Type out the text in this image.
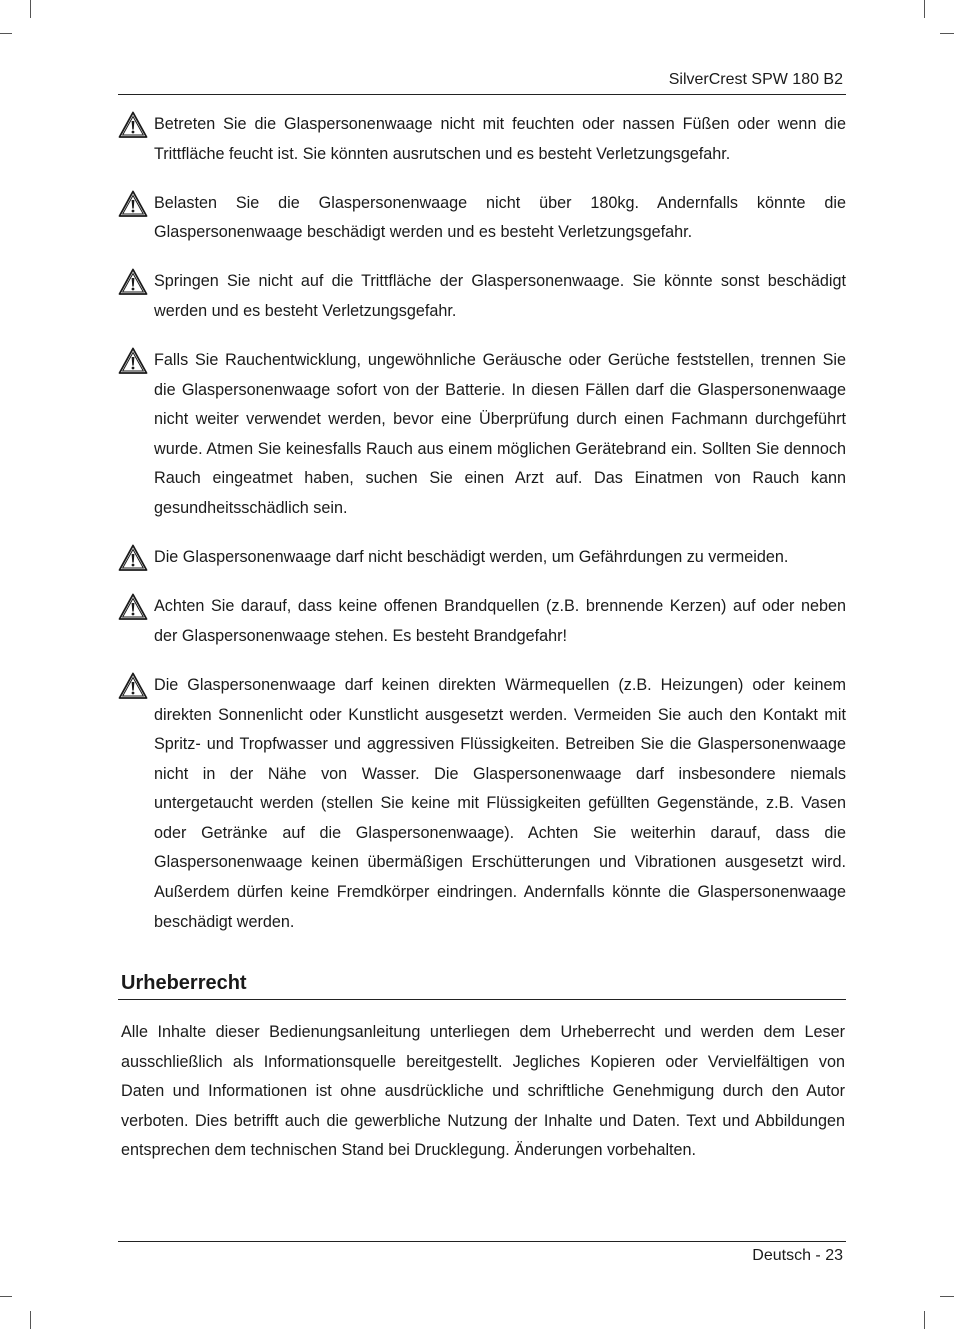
SilverCrest SPW 180 B2
Betreten Sie die Glaspersonenwaage nicht mit feuchten oder nassen Füßen oder wenn die Trittfläche feucht ist. Sie könnten ausrutschen und es besteht Verletzungsgefahr.
Belasten Sie die Glaspersonenwaage nicht über 180kg. Andernfalls könnte die Glaspersonenwaage beschädigt werden und es besteht Verletzungsgefahr.
Springen Sie nicht auf die Trittfläche der Glaspersonenwaage. Sie könnte sonst beschädigt werden und es besteht Verletzungsgefahr.
Falls Sie Rauchentwicklung, ungewöhnliche Geräusche oder Gerüche feststellen, trennen Sie die Glaspersonenwaage sofort von der Batterie. In diesen Fällen darf die Glaspersonenwaage nicht weiter verwendet werden, bevor eine Überprüfung durch einen Fachmann durchgeführt wurde. Atmen Sie keinesfalls Rauch aus einem möglichen Gerätebrand ein. Sollten Sie dennoch Rauch eingeatmet haben, suchen Sie einen Arzt auf. Das Einatmen von Rauch kann gesundheitsschädlich sein.
Die Glaspersonenwaage darf nicht beschädigt werden, um Gefährdungen zu vermeiden.
Achten Sie darauf, dass keine offenen Brandquellen (z.B. brennende Kerzen) auf oder neben der Glaspersonenwaage stehen. Es besteht Brandgefahr!
Die Glaspersonenwaage darf keinen direkten Wärmequellen (z.B. Heizungen) oder keinem direkten Sonnenlicht oder Kunstlicht ausgesetzt werden. Vermeiden Sie auch den Kontakt mit Spritz- und Tropfwasser und aggressiven Flüssigkeiten. Betreiben Sie die Glaspersonenwaage nicht in der Nähe von Wasser. Die Glaspersonenwaage darf insbesondere niemals untergetaucht werden (stellen Sie keine mit Flüssigkeiten gefüllten Gegenstände, z.B. Vasen oder Getränke auf die Glaspersonenwaage). Achten Sie weiterhin darauf, dass die Glaspersonenwaage keinen übermäßigen Erschütterungen und Vibrationen ausgesetzt wird. Außerdem dürfen keine Fremdkörper eindringen. Andernfalls könnte die Glaspersonenwaage beschädigt werden.
Urheberrecht
Alle Inhalte dieser Bedienungsanleitung unterliegen dem Urheberrecht und werden dem Leser ausschließlich als Informationsquelle bereitgestellt. Jegliches Kopieren oder Vervielfältigen von Daten und Informationen ist ohne ausdrückliche und schriftliche Genehmigung durch den Autor verboten. Dies betrifft auch die gewerbliche Nutzung der Inhalte und Daten. Text und Abbildungen entsprechen dem technischen Stand bei Drucklegung. Änderungen vorbehalten.
Deutsch - 23
